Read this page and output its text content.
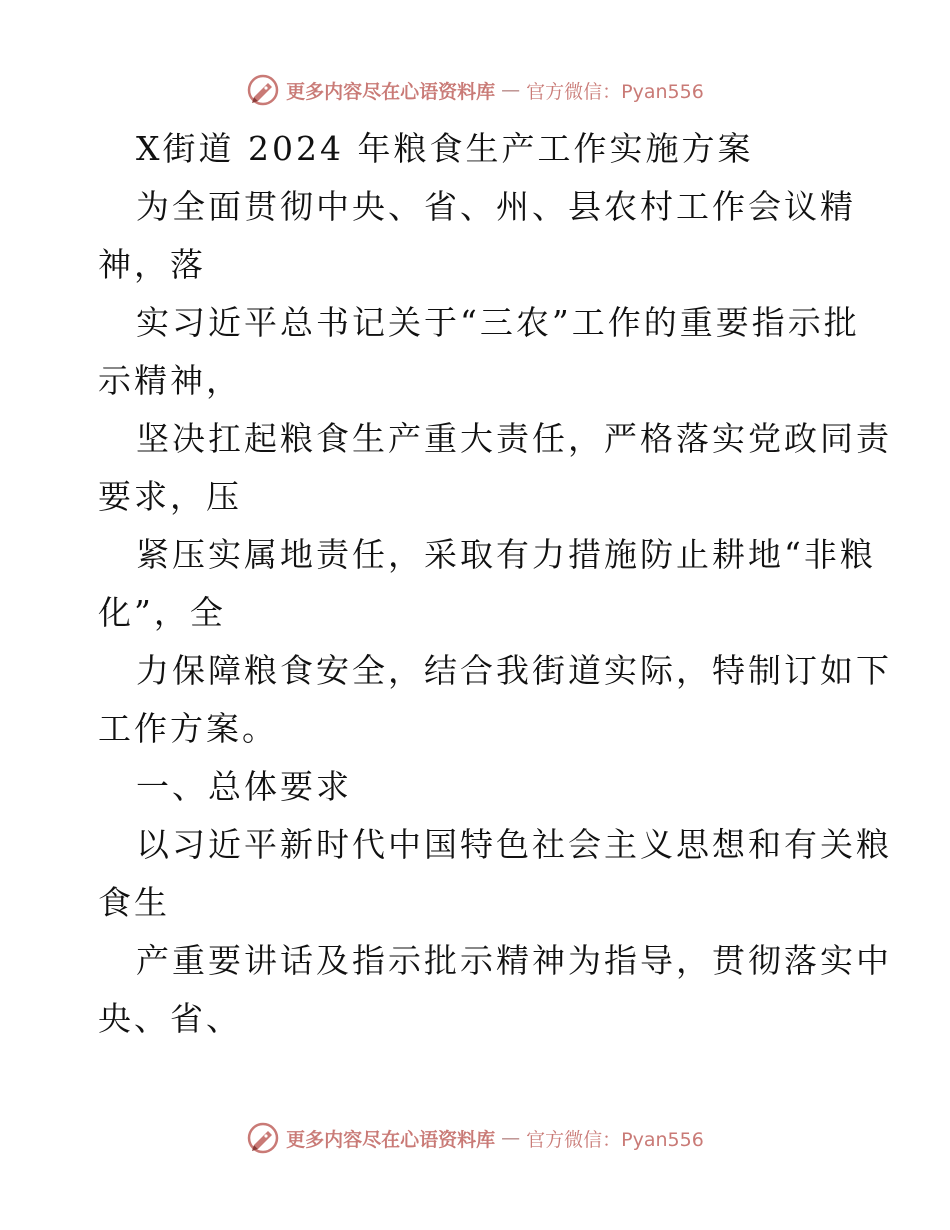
更多内容尽在心语资料库 — 官方微信：Pyan556
X街道 2024 年粮食生产工作实施方案
为全面贯彻中央、省、州、县农村工作会议精
神，落
实习近平总书记关于“三农”工作的重要指示批
示精神，
坚决扛起粮食生产重大责任，严格落实党政同责
要求，压
紧压实属地责任，采取有力措施防止耕地“非粮
化”，全
力保障粮食安全，结合我街道实际，特制订如下
工作方案。
一、总体要求
以习近平新时代中国特色社会主义思想和有关粮
食生
产重要讲话及指示批示精神为指导，贯彻落实中
央、省、
更多内容尽在心语资料库 — 官方微信：Pyan556
